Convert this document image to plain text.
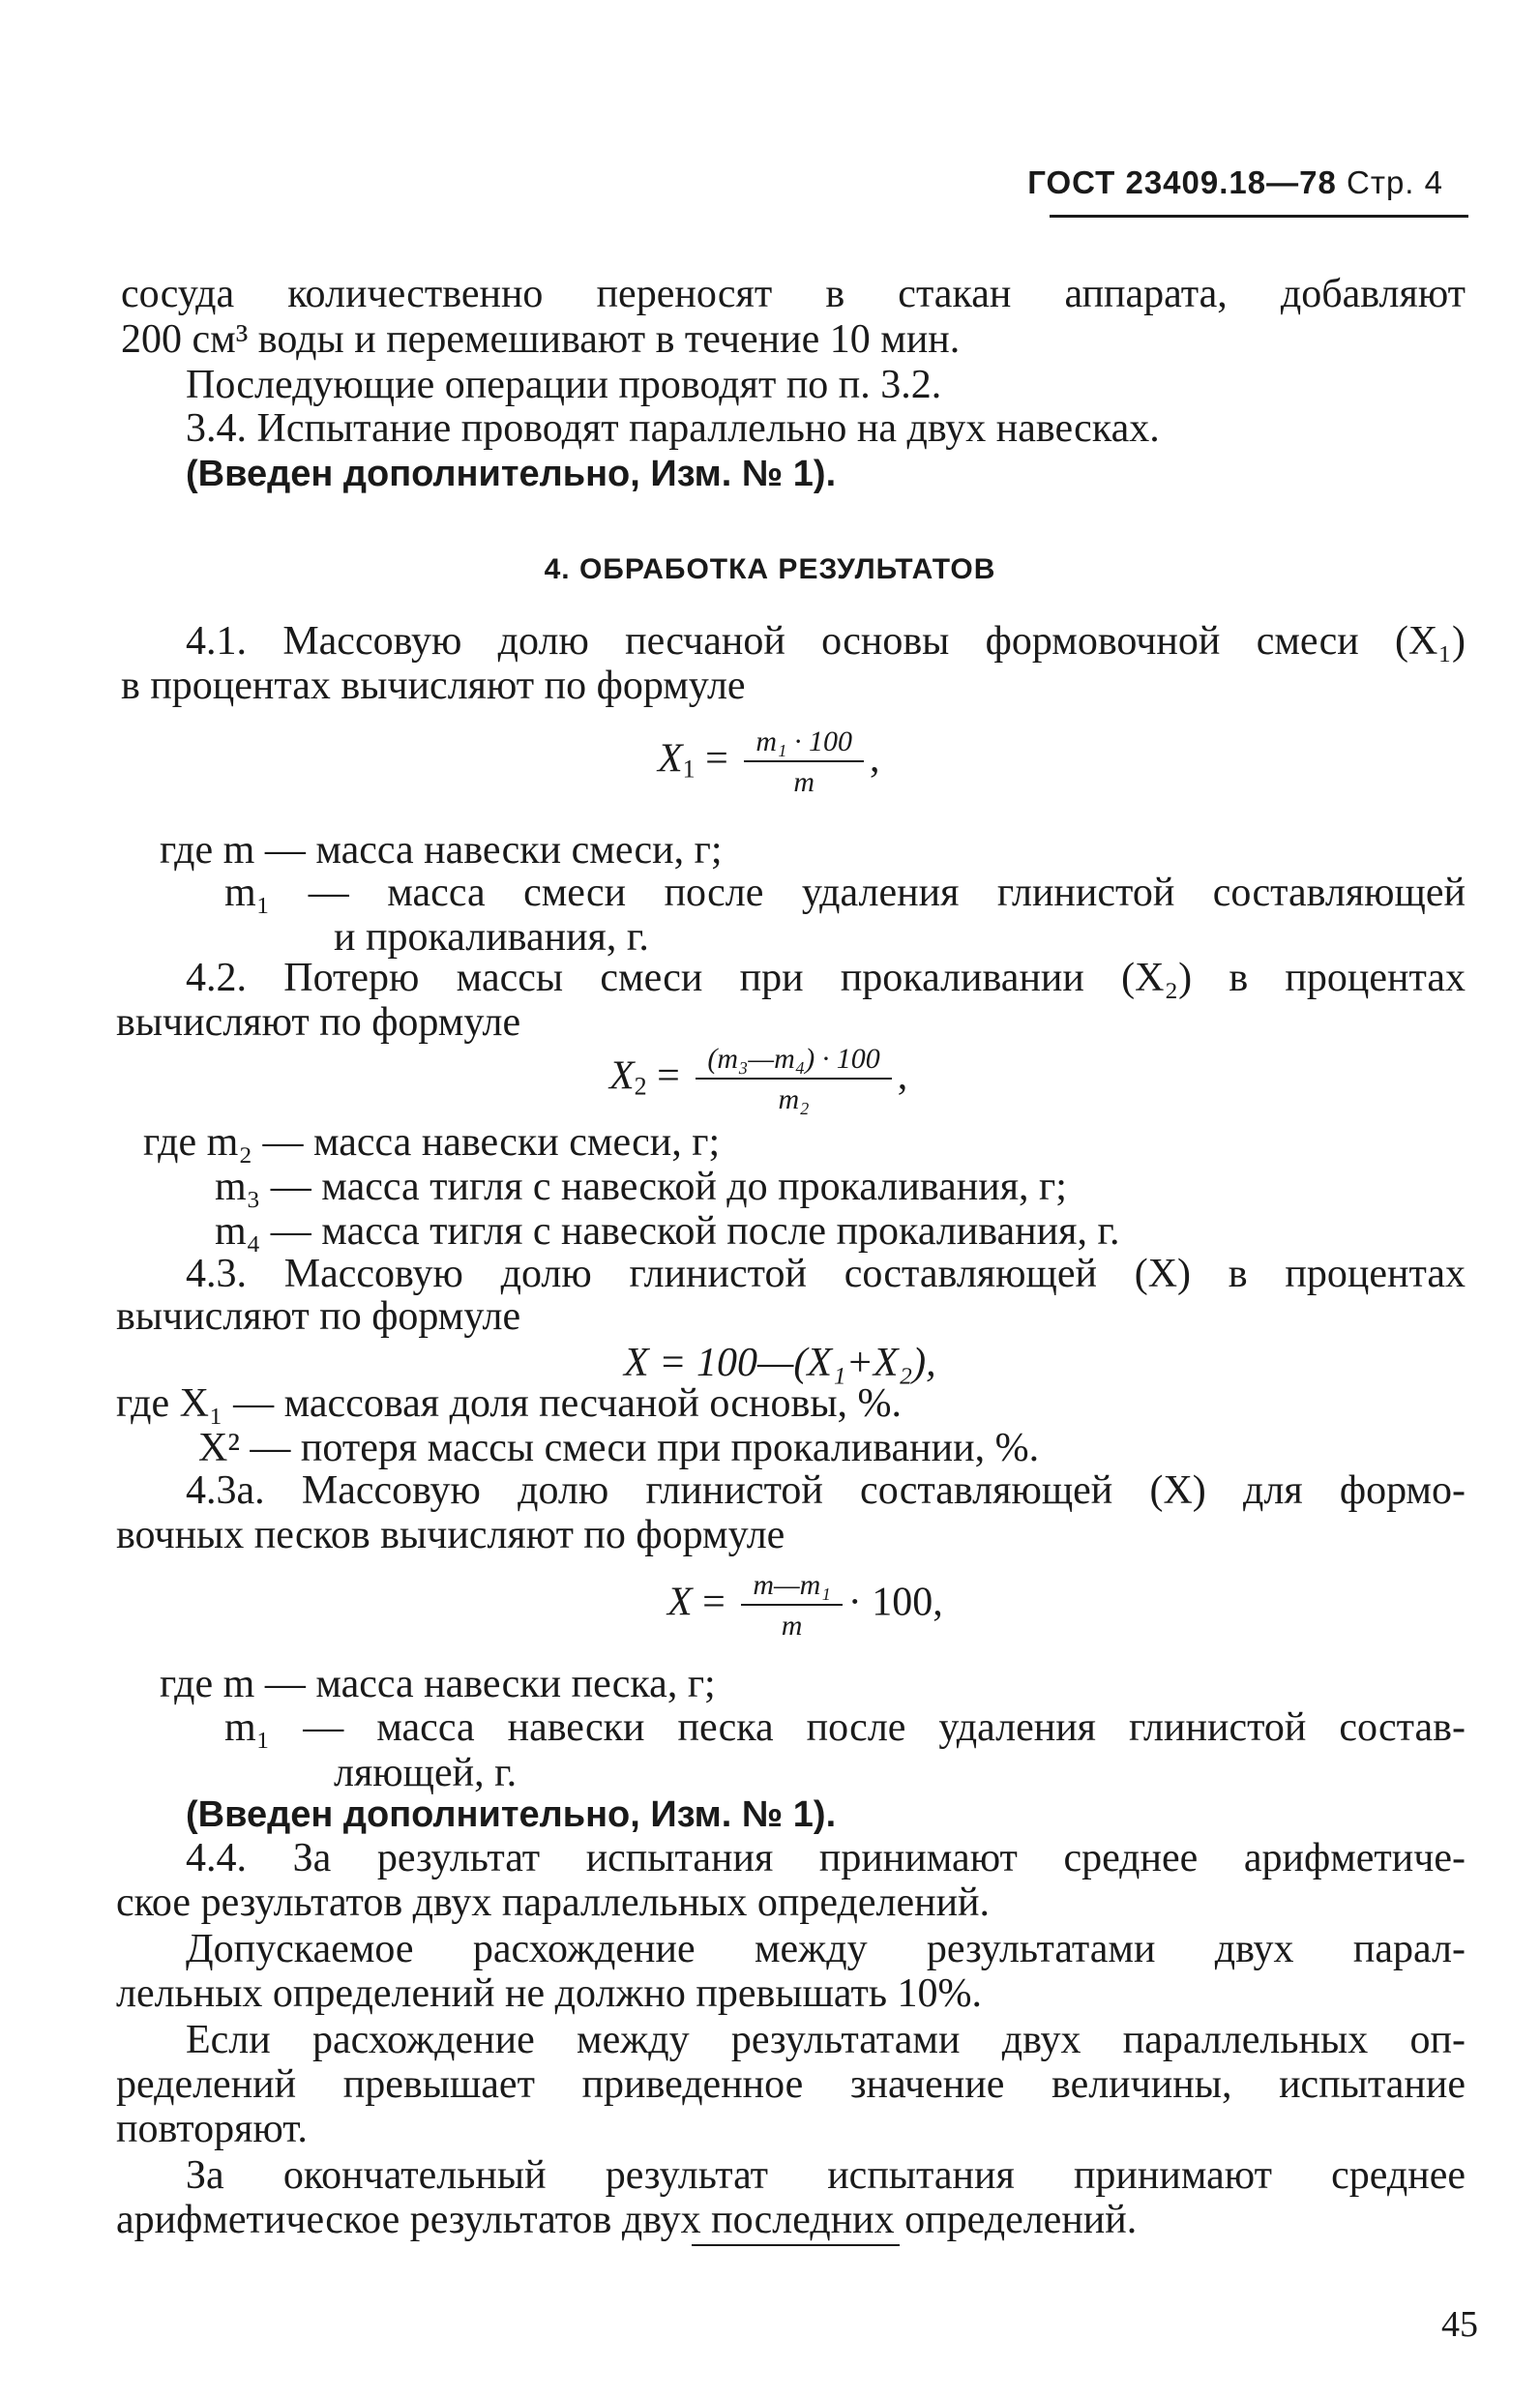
ГОСТ 23409.18—78 Стр. 4
сосуда количественно переносят в стакан аппарата, добавляют
200 см³ воды и перемешивают в течение 10 мин.
Последующие операции проводят по п. 3.2.
3.4. Испытание проводят параллельно на двух навесках.
(Введен дополнительно, Изм. № 1).
4. ОБРАБОТКА РЕЗУЛЬТАТОВ
4.1. Массовую долю песчаной основы формовочной смеси (X₁)
в процентах вычисляют по формуле
$X_1 = \frac{\text{m₁ · 100}}{m}$ ,
где m — масса навески смеси, г;
m₁ — масса смеси после удаления глинистой составляющей
и прокаливания, г.
4.2. Потерю массы смеси при прокаливании (X₂) в процентах
вычисляют по формуле
$X_2 = \frac{\text{(m₃—m₄) · 100}}{\text{m₂}}$ ,
где m₂ — масса навески смеси, г;
m₃ — масса тигля с навеской до прокаливания, г;
m₄ — масса тигля с навеской после прокаливания, г.
4.3. Массовую долю глинистой составляющей (X) в процентах
вычисляют по формуле
X = 100—(X₁+X₂),
где X₁ — массовая доля песчаной основы, %.
X² — потеря массы смеси при прокаливании, %.
4.3а. Массовую долю глинистой составляющей (X) для формо-
вочных песков вычисляют по формуле
$X = \frac{\text{m—m₁}}{m} \cdot 100$,
где m — масса навески песка, г;
m₁ — масса навески песка после удаления глинистой состав-
ляющей, г.
(Введен дополнительно, Изм. № 1).
4.4. За результат испытания принимают среднее арифметиче-
ское результатов двух параллельных определений.
Допускаемое расхождение между результатами двух парал-
лельных определений не должно превышать 10%.
Если расхождение между результатами двух параллельных оп-
ределений превышает приведенное значение величины, испытание
повторяют.
За окончательный результат испытания принимают среднее
арифметическое результатов двух последних определений.
45
